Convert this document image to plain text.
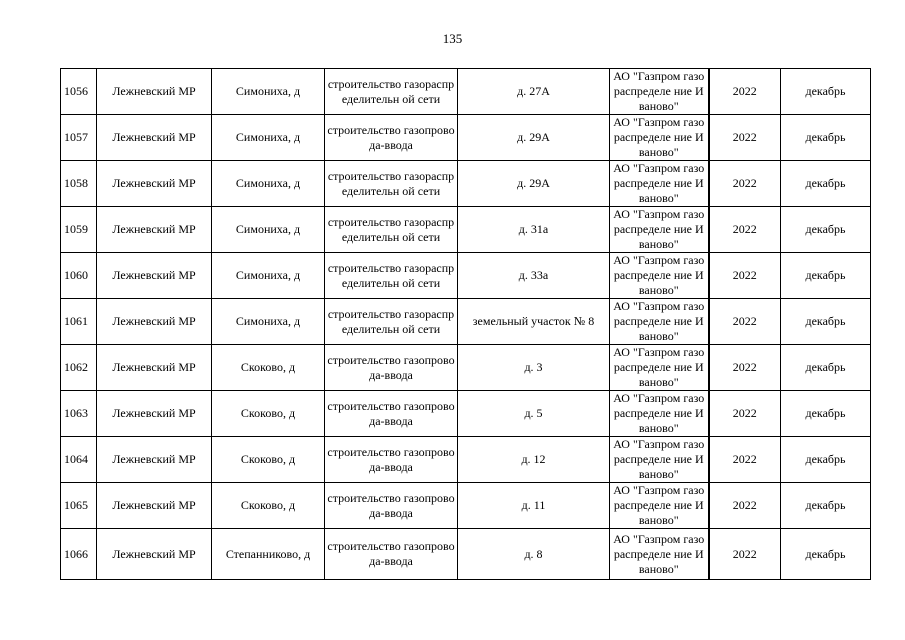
135
1056	Лежневский МР	Симониха, д	строительство газораспределительн ой сети	д. 27А	АО "Газпром газораспределе ние Иваново"	2022	декабрь
1057	Лежневский МР	Симониха, д	строительство газопровода-ввода	д. 29А	АО "Газпром газораспределе ние Иваново"	2022	декабрь
1058	Лежневский МР	Симониха, д	строительство газораспределительн ой сети	д. 29А	АО "Газпром газораспределе ние Иваново"	2022	декабрь
1059	Лежневский МР	Симониха, д	строительство газораспределительн ой сети	д. 31а	АО "Газпром газораспределе ние Иваново"	2022	декабрь
1060	Лежневский МР	Симониха, д	строительство газораспределительн ой сети	д. 33а	АО "Газпром газораспределе ние Иваново"	2022	декабрь
1061	Лежневский МР	Симониха, д	строительство газораспределительн ой сети	земельный участок № 8	АО "Газпром газораспределе ние Иваново"	2022	декабрь
1062	Лежневский МР	Скоково, д	строительство газопровода-ввода	д. 3	АО "Газпром газораспределе ние Иваново"	2022	декабрь
1063	Лежневский МР	Скоково, д	строительство газопровода-ввода	д. 5	АО "Газпром газораспределе ние Иваново"	2022	декабрь
1064	Лежневский МР	Скоково, д	строительство газопровода-ввода	д. 12	АО "Газпром газораспределе ние Иваново"	2022	декабрь
1065	Лежневский МР	Скоково, д	строительство газопровода-ввода	д. 11	АО "Газпром газораспределе ние Иваново"	2022	декабрь
1066	Лежневский МР	Степанниково, д	строительство газопровода-ввода	д. 8	АО "Газпром газораспределе ние Иваново"	2022	декабрь
